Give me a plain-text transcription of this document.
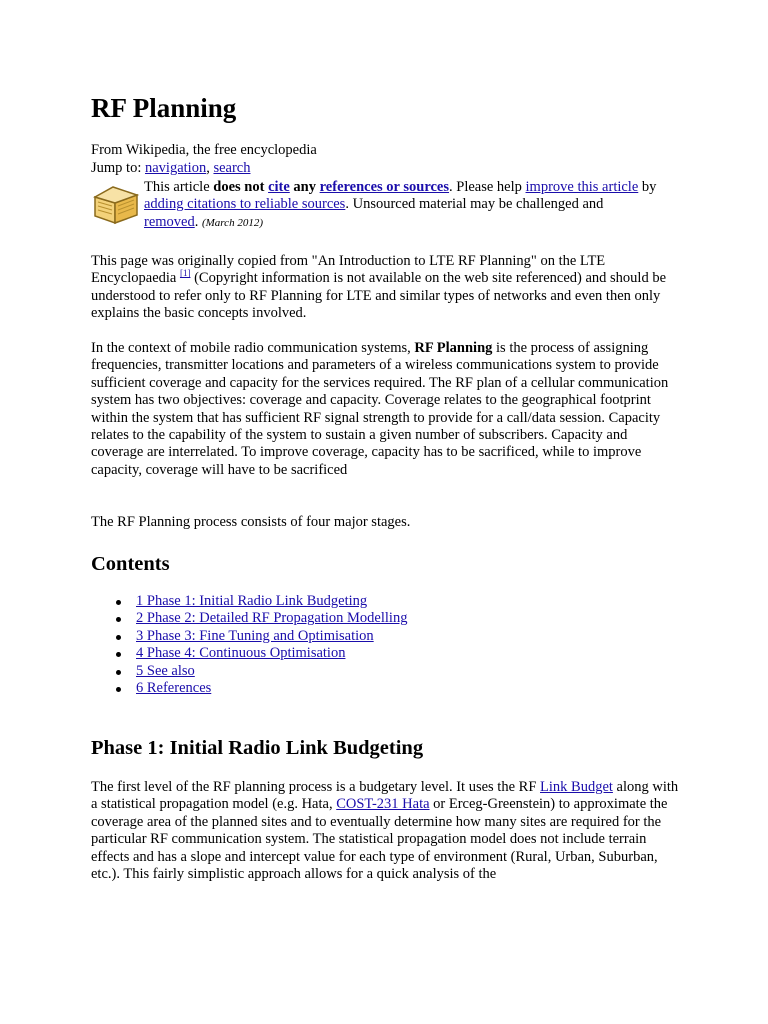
RF Planning
From Wikipedia, the free encyclopedia
Jump to: navigation, search
This article does not cite any references or sources. Please help improve this article by
adding citations to reliable sources. Unsourced material may be challenged and
removed. (March 2012)
This page was originally copied from "An Introduction to LTE RF Planning" on the LTE Encyclopaedia [1] (Copyright information is not available on the web site referenced) and should be understood to refer only to RF Planning for LTE and similar types of networks and even then only explains the basic concepts involved.
In the context of mobile radio communication systems, RF Planning is the process of assigning frequencies, transmitter locations and parameters of a wireless communications system to provide sufficient coverage and capacity for the services required. The RF plan of a cellular communication system has two objectives: coverage and capacity. Coverage relates to the geographical footprint within the system that has sufficient RF signal strength to provide for a call/data session. Capacity relates to the capability of the system to sustain a given number of subscribers. Capacity and coverage are interrelated. To improve coverage, capacity has to be sacrificed, while to improve capacity, coverage will have to be sacrificed
The RF Planning process consists of four major stages.
Contents
1 Phase 1: Initial Radio Link Budgeting
2 Phase 2: Detailed RF Propagation Modelling
3 Phase 3: Fine Tuning and Optimisation
4 Phase 4: Continuous Optimisation
5 See also
6 References
Phase 1: Initial Radio Link Budgeting
The first level of the RF planning process is a budgetary level. It uses the RF Link Budget along with a statistical propagation model (e.g. Hata, COST-231 Hata or Erceg-Greenstein) to approximate the coverage area of the planned sites and to eventually determine how many sites are required for the particular RF communication system. The statistical propagation model does not include terrain effects and has a slope and intercept value for each type of environment (Rural, Urban, Suburban, etc.). This fairly simplistic approach allows for a quick analysis of the
